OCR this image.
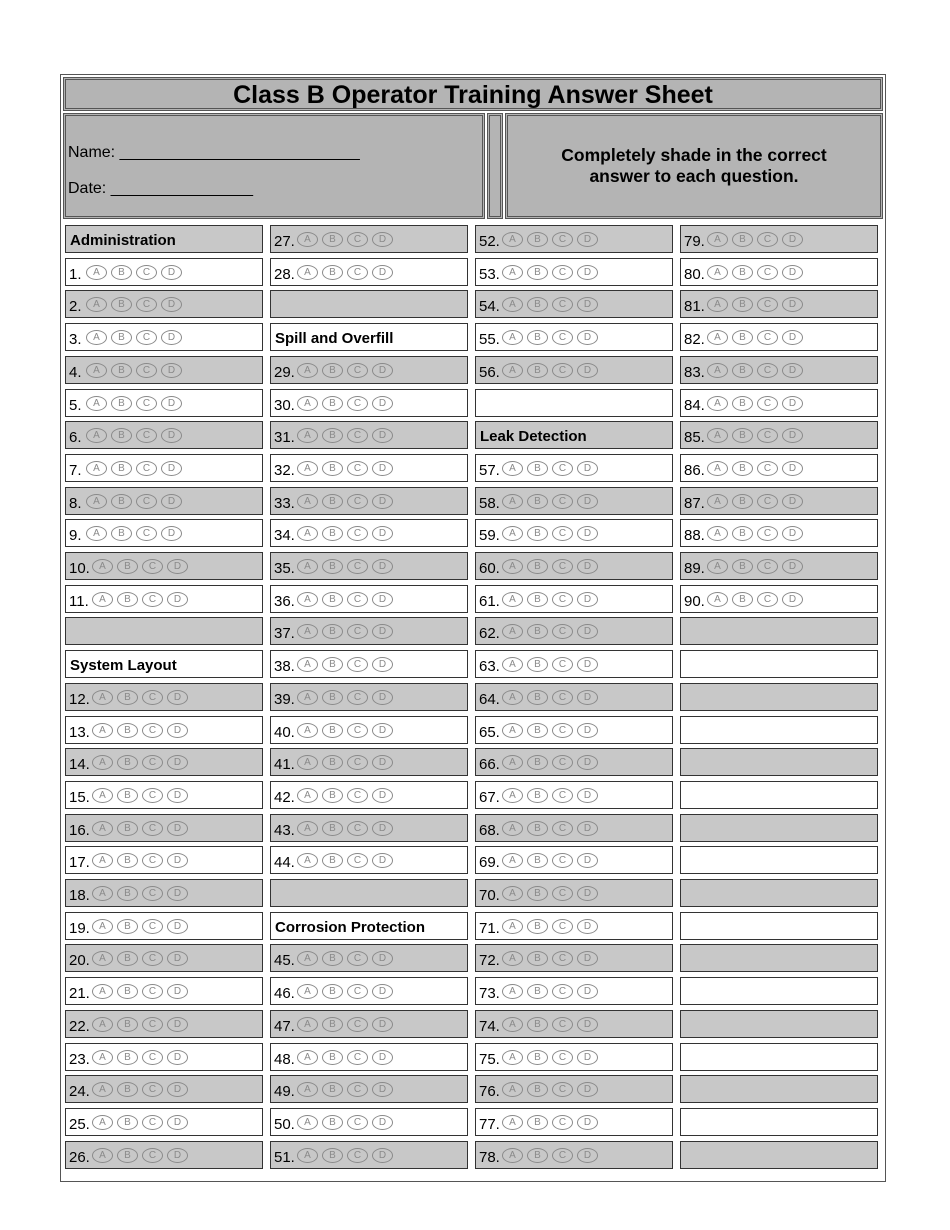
Class B Operator Training Answer Sheet
Name: ___________________________
Date: ________________
Completely shade in the correct answer to each question.
Administration
1.	A	B	C	D
2.	A	B	C	D
3.	A	B	C	D
4.	A	B	C	D
5.	A	B	C	D
6.	A	B	C	D
7.	A	B	C	D
8.	A	B	C	D
9.	A	B	C	D
10. A	B	C	D
11.	A	B	C	D
System Layout
12. A	B	C	D
13. A	B	C	D
14. A	B	C	D
15. A	B	C	D
16. A	B	C	D
17. A	B	C	D
18. A	B	C	D
19. A	B	C	D
20. A	B	C	D
21. A	B	C	D
22. A	B	C	D
23. A	B	C	D
24. A	B	C	D
25. A	B	C	D
26. A	B	C	D
27. A	B	C	D
28. A	B	C	D
Spill and Overfill
29. A	B	C	D
30. A	B	C	D
31. A	B	C	D
32. A	B	C	D
33. A	B	C	D
34. A	B	C	D
35. A	B	C	D
36. A	B	C	D
37. A	B	C	D
38. A	B	C	D
39. A	B	C	D
40. A	B	C	D
41. A	B	C	D
42. A	B	C	D
43. A	B	C	D
44. A	B	C	D
Corrosion Protection
45. A	B	C	D
46. A	B	C	D
47. A	B	C	D
48. A	B	C	D
49. A	B	C	D
50. A	B	C	D
51. A	B	C	D
52. A	B	C	D
53. A	B	C	D
54. A	B	C	D
55. A	B	C	D
56. A	B	C	D
Leak Detection
57. A	B	C	D
58. A	B	C	D
59. A	B	C	D
60. A	B	C	D
61. A	B	C	D
62. A	B	C	D
63. A	B	C	D
64. A	B	C	D
65. A	B	C	D
66. A	B	C	D
67. A	B	C	D
68. A	B	C	D
69. A	B	C	D
70. A	B	C	D
71. A	B	C	D
72. A	B	C	D
73. A	B	C	D
74. A	B	C	D
75. A	B	C	D
76. A	B	C	D
77. A	B	C	D
78. A	B	C	D
79. A	B	C	D
80. A	B	C	D
81. A	B	C	D
82. A	B	C	D
83. A	B	C	D
84. A	B	C	D
85. A	B	C	D
86. A	B	C	D
87. A	B	C	D
88. A	B	C	D
89. A	B	C	D
90. A	B	C	D
